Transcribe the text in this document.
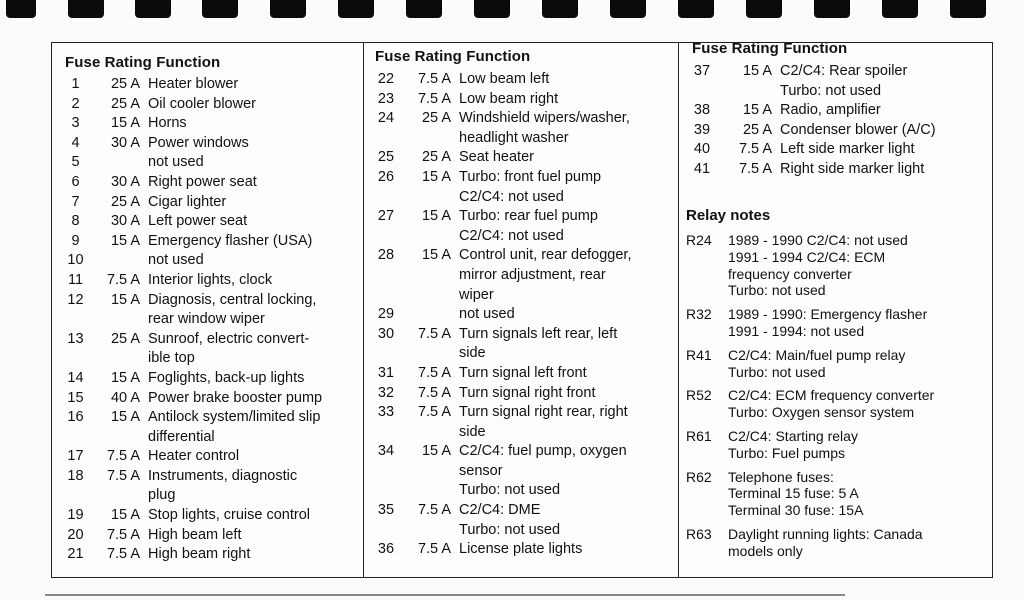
Fuse Rating Function
1	25 A Heater blower
2	25 A Oil cooler blower
3	15 A Horns
4	30 A Power windows
5	not used
6	30 A Right power seat
7	25 A Cigar lighter
8	30 A Left power seat
9	15 A Emergency flasher (USA)
10	not used
11	7.5 A Interior lights, clock
12	15 A Diagnosis, central locking,
rear window wiper
13	25 A Sunroof, electric convert-
ible top
14	15 A Foglights, back-up lights
15	40 A Power brake booster pump
16	15 A Antilock system/limited slip
differential
17	7.5 A Heater control
18	7.5 A Instruments, diagnostic
plug
19	15 A Stop lights, cruise control
20	7.5 A High beam left
21	7.5 A High beam right
Fuse Rating Function
22	7.5 A Low beam left
23	7.5 A Low beam right
24	25 A Windshield wipers/washer,
headlight washer
25	25 A Seat heater
26	15 A Turbo: front fuel pump
C2/C4: not used
27	15 A Turbo: rear fuel pump
C2/C4: not used
28	15 A Control unit, rear defogger,
mirror adjustment, rear
wiper
29	not used
30	7.5 A Turn signals left rear, left
side
31	7.5 A Turn signal left front
32	7.5 A Turn signal right front
33	7.5 A Turn signal right rear, right
side
34	15 A C2/C4: fuel pump, oxygen
sensor
Turbo: not used
35	7.5 A C2/C4: DME
Turbo: not used
36	7.5 A License plate lights
Fuse Rating Function
37	15 A C2/C4: Rear spoiler
Turbo: not used
38	15 A Radio, amplifier
39	25 A Condenser blower (A/C)
40	7.5 A Left side marker light
41	7.5 A Right side marker light
Relay notes
R24	1989 - 1990 C2/C4: not used
1991 - 1994 C2/C4: ECM
frequency converter
Turbo: not used
R32	1989 - 1990: Emergency flasher
1991 - 1994: not used
R41	C2/C4: Main/fuel pump relay
Turbo: not used
R52	C2/C4: ECM frequency converter
Turbo: Oxygen sensor system
R61	C2/C4: Starting relay
Turbo: Fuel pumps
R62	Telephone fuses:
Terminal 15 fuse: 5 A
Terminal 30 fuse: 15A
R63	Daylight running lights: Canada
models only
